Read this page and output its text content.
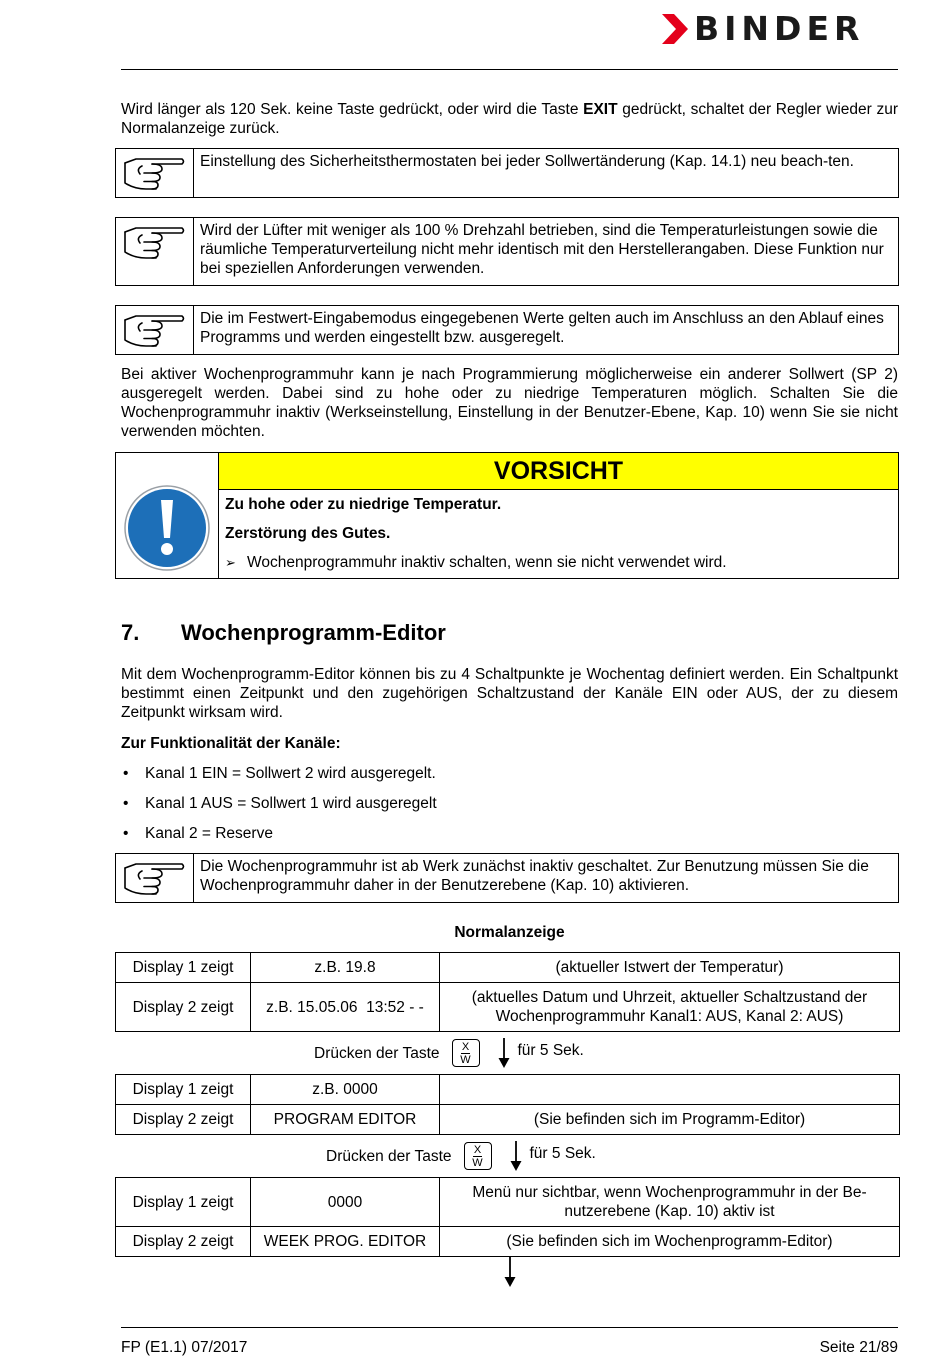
BINDER
Wird länger als 120 Sek. keine Taste gedrückt, oder wird die Taste EXIT gedrückt, schaltet der Regler wieder zur Normalanzeige zurück.
Einstellung des Sicherheitsthermostaten bei jeder Sollwertänderung (Kap. 14.1) neu beach-ten.
Wird der Lüfter mit weniger als 100 % Drehzahl betrieben, sind die Temperaturleistungen sowie die räumliche Temperaturverteilung nicht mehr identisch mit den Herstellerangaben. Diese Funktion nur bei speziellen Anforderungen verwenden.
Die im Festwert-Eingabemodus eingegebenen Werte gelten auch im Anschluss an den Ablauf eines Programms und werden eingestellt bzw. ausgeregelt.
Bei aktiver Wochenprogrammuhr kann je nach Programmierung möglicherweise ein anderer Sollwert (SP 2) ausgeregelt werden. Dabei sind zu hohe oder zu niedrige Temperaturen möglich. Schalten Sie die Wochenprogrammuhr inaktiv (Werkseinstellung, Einstellung in der Benutzer-Ebene, Kap. 10) wenn Sie sie nicht verwenden möchten.
VORSICHT
Zu hohe oder zu niedrige Temperatur.
Zerstörung des Gutes.
➢ Wochenprogrammuhr inaktiv schalten, wenn sie nicht verwendet wird.
7. Wochenprogramm-Editor
Mit dem Wochenprogramm-Editor können bis zu 4 Schaltpunkte je Wochentag definiert werden. Ein Schaltpunkt bestimmt einen Zeitpunkt und den zugehörigen Schaltzustand der Kanäle EIN oder AUS, der zu diesem Zeitpunkt wirksam wird.
Zur Funktionalität der Kanäle:
• Kanal 1 EIN = Sollwert 2 wird ausgeregelt.
• Kanal 1 AUS = Sollwert 1 wird ausgeregelt
• Kanal 2 = Reserve
Die Wochenprogrammuhr ist ab Werk zunächst inaktiv geschaltet. Zur Benutzung müssen Sie die Wochenprogrammuhr daher in der Benutzerebene (Kap. 10) aktivieren.
Normalanzeige
Display 1 zeigt	z.B. 19.8	(aktueller Istwert der Temperatur)
Display 2 zeigt	z.B. 15.05.06  13:52 - -	(aktuelles Datum und Uhrzeit, aktueller Schaltzustand der Wochenprogrammuhr Kanal1: AUS, Kanal 2: AUS)
Drücken der Taste X
W
für 5 Sek.
Display 1 zeigt	z.B. 0000	
Display 2 zeigt	PROGRAM EDITOR	(Sie befinden sich im Programm-Editor)
Drücken der Taste X
W
für 5 Sek.
Display 1 zeigt	0000	Menü nur sichtbar, wenn Wochenprogrammuhr in der Be-nutzerebene (Kap. 10) aktiv ist
Display 2 zeigt	WEEK PROG. EDITOR	(Sie befinden sich im Wochenprogramm-Editor)
FP (E1.1) 07/2017	Seite 21/89
